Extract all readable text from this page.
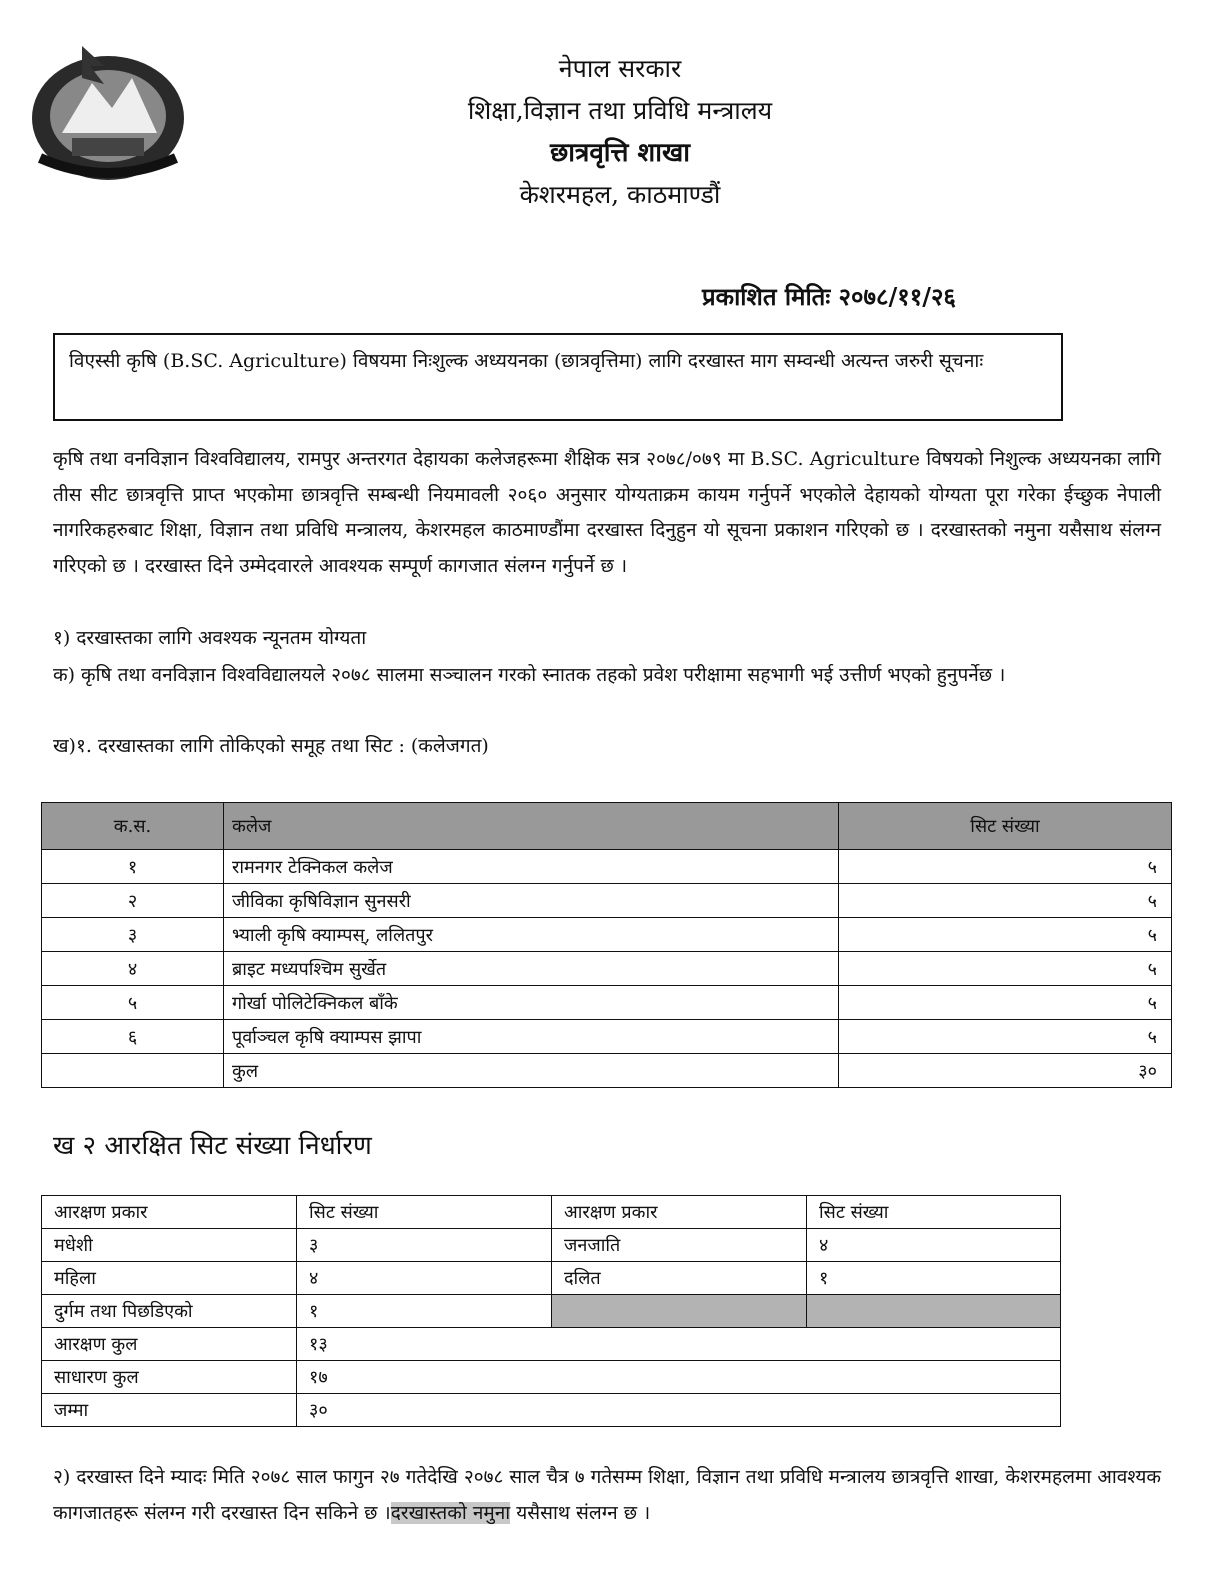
नेपाल सरकार
शिक्षा,विज्ञान तथा प्रविधि मन्त्रालय
छात्रवृत्ति शाखा
केशरमहल, काठमाण्डौं
प्रकाशित मितिः २०७८/११/२६
विएस्सी कृषि (B.SC. Agriculture) विषयमा निःशुल्क अध्ययनका (छात्रवृत्तिमा) लागि दरखास्त माग सम्वन्धी अत्यन्त जरुरी सूचनाः
कृषि तथा वनविज्ञान विश्वविद्यालय, रामपुर अन्तरगत देहायका कलेजहरूमा शैक्षिक सत्र २०७८/०७९ मा B.SC. Agriculture विषयको निशुल्क अध्ययनका लागि तीस सीट छात्रवृत्ति प्राप्त भएकोमा छात्रवृत्ति सम्बन्धी नियमावली २०६० अनुसार योग्यताक्रम कायम गर्नुपर्ने भएकोले देहायको योग्यता पूरा गरेका ईच्छुक नेपाली नागरिकहरुबाट शिक्षा, विज्ञान तथा प्रविधि मन्त्रालय, केशरमहल काठमाण्डौंमा दरखास्त दिनुहुन यो सूचना प्रकाशन गरिएको छ । दरखास्तको नमुना यसैसाथ संलग्न गरिएको छ । दरखास्त दिने उम्मेदवारले आवश्यक सम्पूर्ण कागजात संलग्न गर्नुपर्ने छ ।
१) दरखास्तका लागि अवश्यक न्यूनतम योग्यता
क) कृषि तथा वनविज्ञान विश्वविद्यालयले २०७८ सालमा सञ्चालन गरको स्नातक तहको प्रवेश परीक्षामा सहभागी भई उत्तीर्ण भएको हुनुपर्नेछ ।
ख)१. दरखास्तका लागि तोकिएको समूह तथा सिट : (कलेजगत)
क.स.	कलेज	सिट संख्या
१	रामनगर टेक्निकल कलेज	५
२	जीविका कृषिविज्ञान सुनसरी	५
३	भ्याली कृषि क्याम्पस्, ललितपुर	५
४	ब्राइट मध्यपश्चिम सुर्खेत	५
५	गोर्खा पोलिटेक्निकल बाँके	५
६	पूर्वाञ्चल कृषि क्याम्पस झापा	५
	कुल	३०
ख २ आरक्षित सिट संख्या निर्धारण
आरक्षण प्रकार	सिट संख्या	आरक्षण प्रकार	सिट संख्या
मधेशी	३	जनजाति	४
महिला	४	दलित	१
दुर्गम तथा पिछडिएको	१		
आरक्षण कुल	१३		
साधारण कुल	१७		
जम्मा	३०		
२) दरखास्त दिने म्यादः मिति २०७८ साल फागुन २७ गतेदेखि २०७८ साल चैत्र ७ गतेसम्म शिक्षा, विज्ञान तथा प्रविधि मन्त्रालय छात्रवृत्ति शाखा, केशरमहलमा आवश्यक कागजातहरू संलग्न गरी दरखास्त दिन सकिने छ ।दरखास्तको नमुना यसैसाथ संलग्न छ ।
